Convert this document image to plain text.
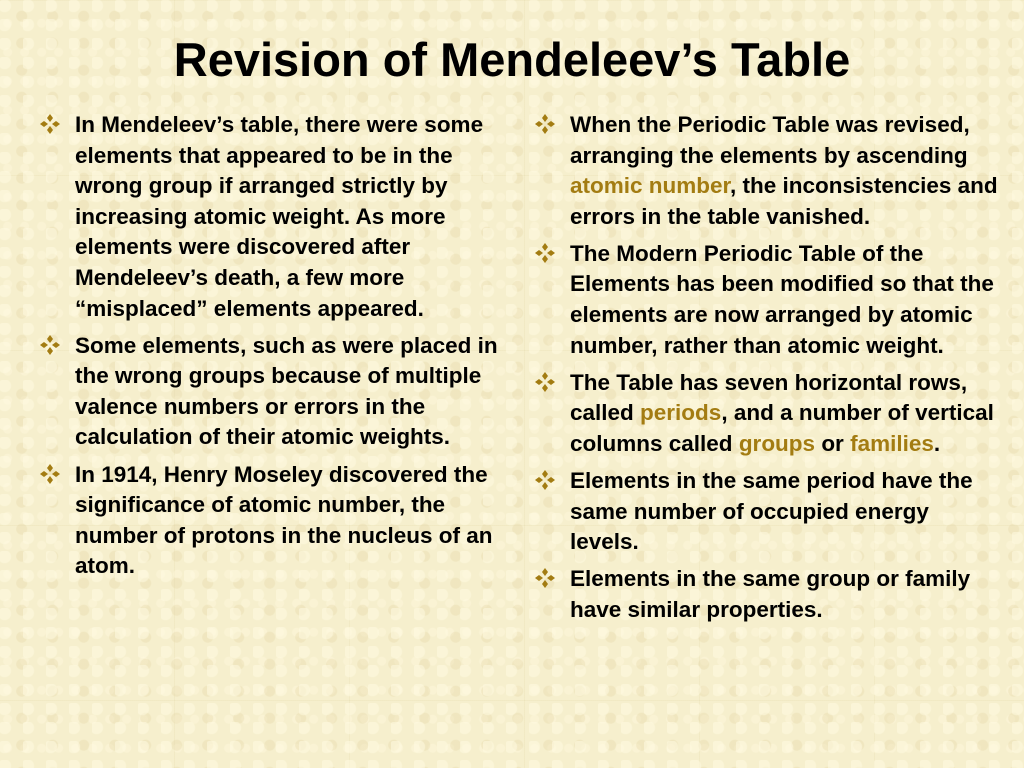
Revision of Mendeleev’s Table
In Mendeleev’s table, there were some elements that appeared to be in the wrong group if arranged strictly by increasing atomic weight. As more elements were discovered after Mendeleev’s death, a few more “misplaced” elements appeared.
Some elements, such as were placed in the wrong groups because of multiple valence numbers or errors in the calculation of their atomic weights.
In 1914, Henry Moseley discovered the significance of atomic number, the number of protons in the nucleus of an atom.
When the Periodic Table was revised, arranging the elements by ascending atomic number, the inconsistencies and errors in the table vanished.
The Modern Periodic Table of the Elements has been modified so that the elements are now arranged by atomic number, rather than atomic weight.
The Table has seven horizontal rows, called periods, and a number of vertical columns called groups or families.
Elements in the same period have the same number of occupied energy levels.
Elements in the same group or family have similar properties.
